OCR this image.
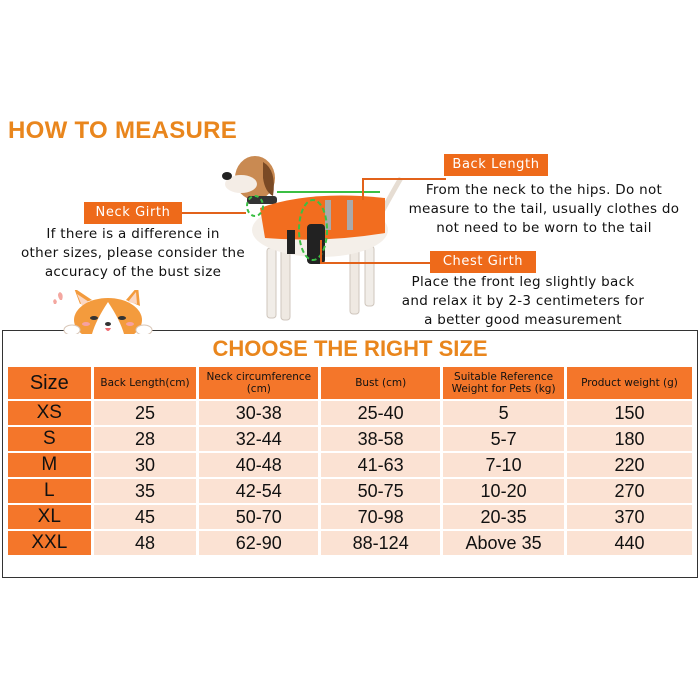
HOW TO MEASURE
Back Length
From the neck to the hips. Do not
measure to the tail, usually clothes do
not need to be worn to the tail
Neck Girth
If there is a difference in
other sizes, please consider the
accuracy of the bust size
Chest Girth
Place the front leg slightly back
and relax it by 2-3 centimeters for
a better good measurement
CHOOSE THE RIGHT SIZE
Size	Back Length(cm)	Neck circumference (cm)	Bust (cm)	Suitable Reference Weight for Pets (kg)	Product weight (g)
XS	25	30-38	25-40	5	150
S	28	32-44	38-58	5-7	180
M	30	40-48	41-63	7-10	220
L	35	42-54	50-75	10-20	270
XL	45	50-70	70-98	20-35	370
XXL	48	62-90	88-124	Above 35	440
